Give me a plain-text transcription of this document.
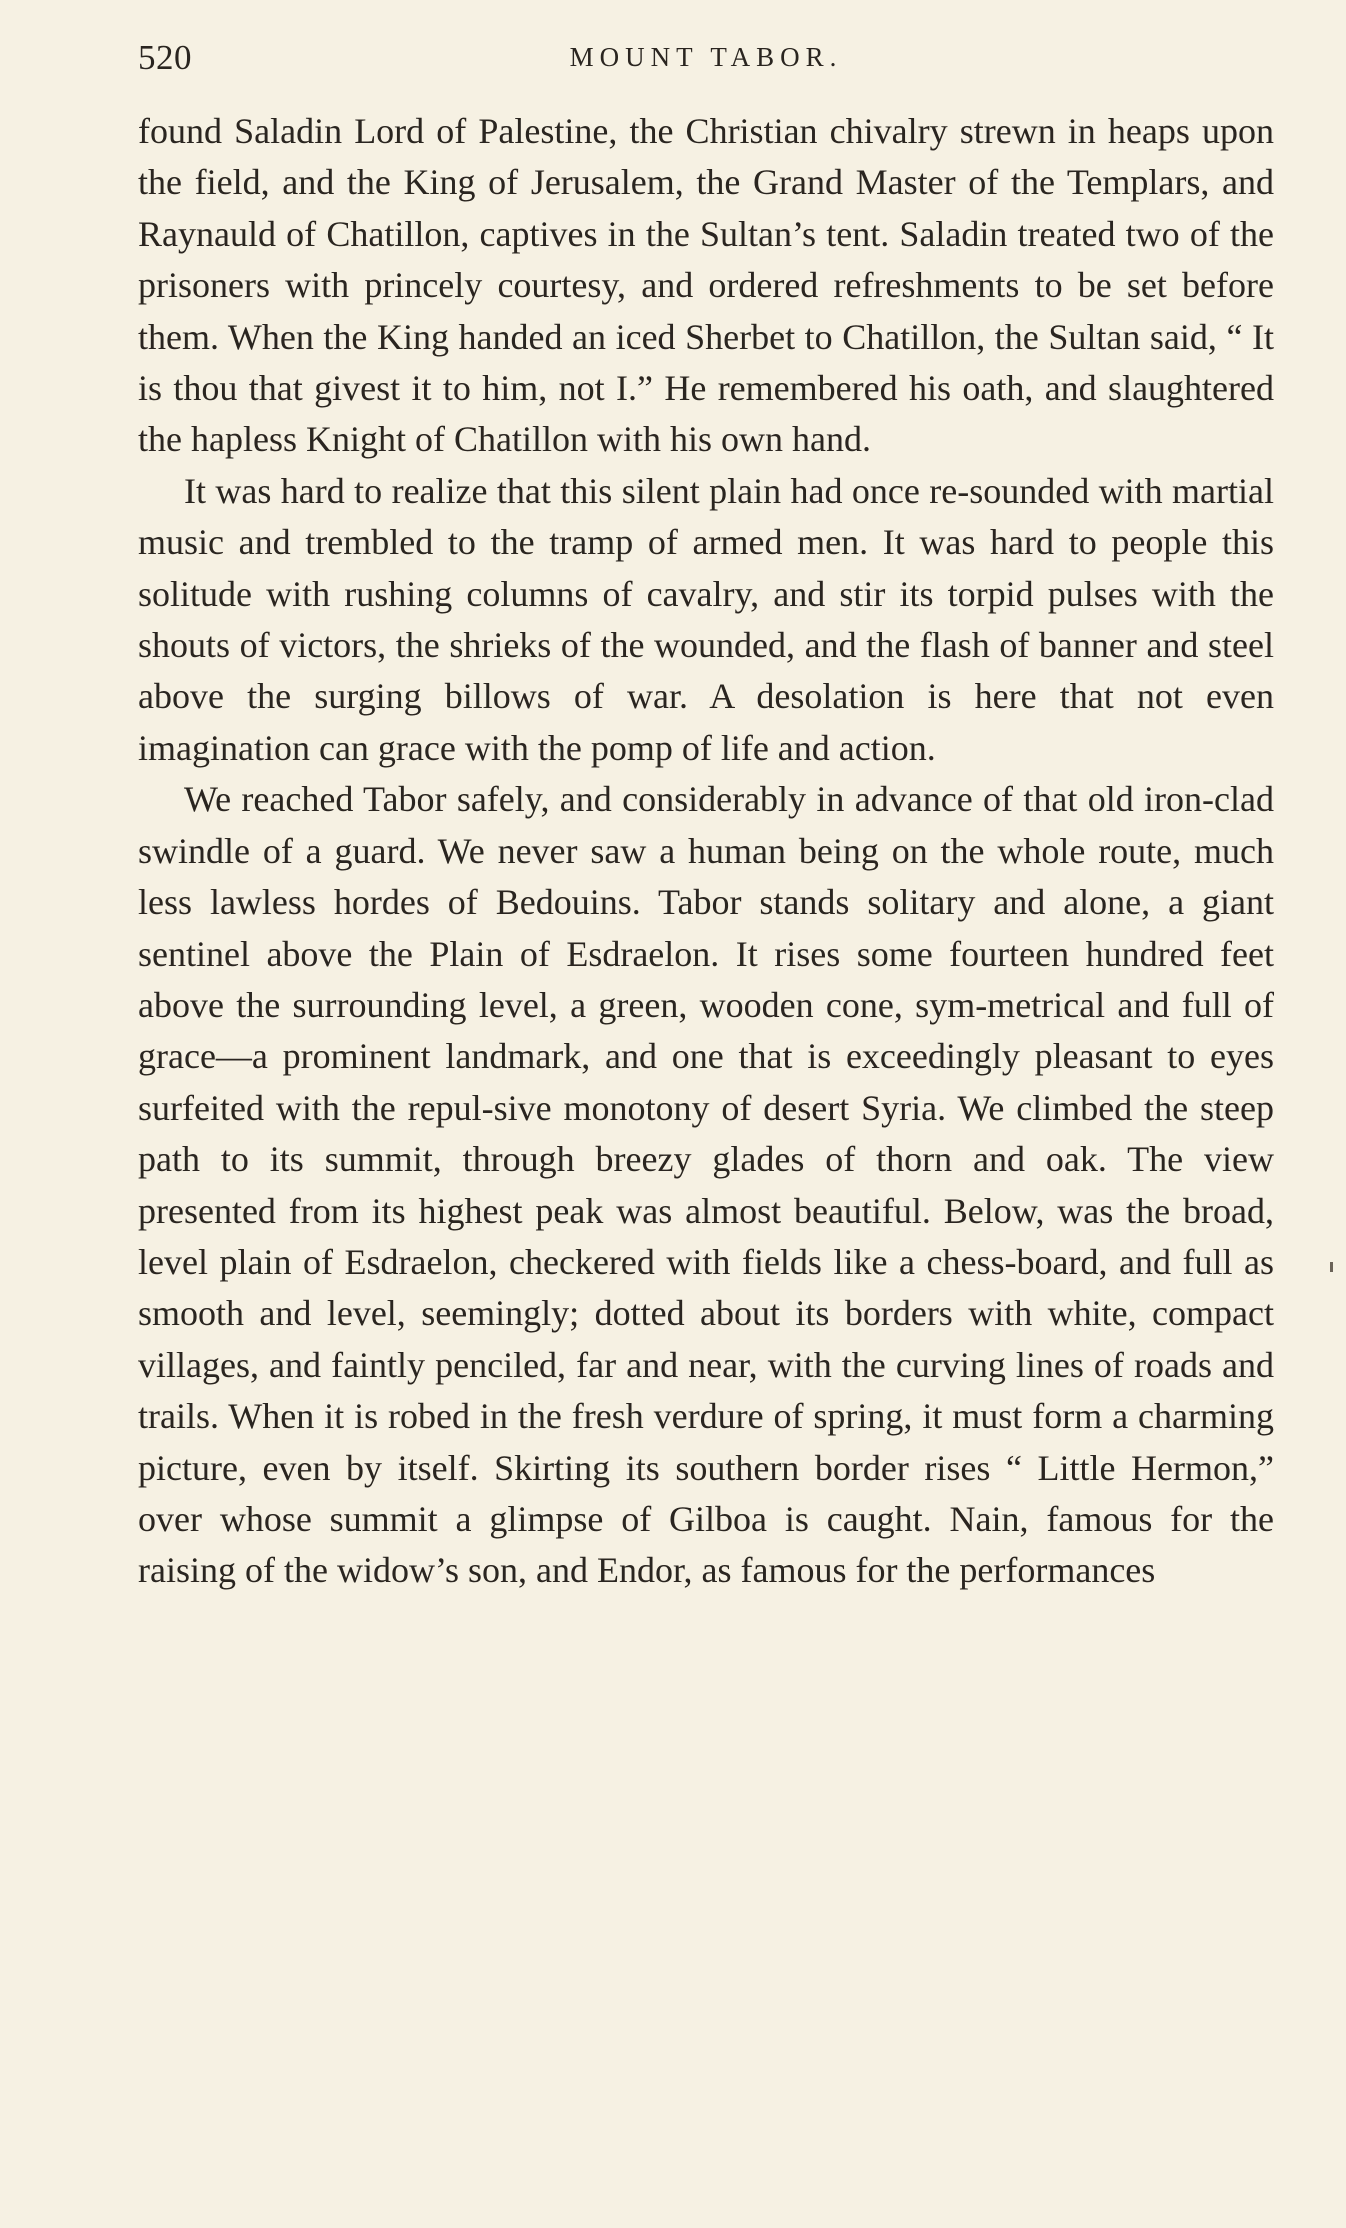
520	MOUNT TABOR.

found Saladin Lord of Palestine, the Christian chivalry strewn in heaps upon the field, and the King of Jerusalem, the Grand Master of the Templars, and Raynauld of Chatillon, captives in the Sultan’s tent. Saladin treated two of the prisoners with princely courtesy, and ordered refreshments to be set before them. When the King handed an iced Sherbet to Chatillon, the Sultan said, “ It is thou that givest it to him, not I.” He remembered his oath, and slaughtered the hapless Knight of Chatillon with his own hand.

It was hard to realize that this silent plain had once re-sounded with martial music and trembled to the tramp of armed men. It was hard to people this solitude with rushing columns of cavalry, and stir its torpid pulses with the shouts of victors, the shrieks of the wounded, and the flash of banner and steel above the surging billows of war. A desolation is here that not even imagination can grace with the pomp of life and action.

We reached Tabor safely, and considerably in advance of that old iron-clad swindle of a guard. We never saw a human being on the whole route, much less lawless hordes of Bedouins. Tabor stands solitary and alone, a giant sentinel above the Plain of Esdraelon. It rises some fourteen hundred feet above the surrounding level, a green, wooden cone, sym-metrical and full of grace—a prominent landmark, and one that is exceedingly pleasant to eyes surfeited with the repul-sive monotony of desert Syria. We climbed the steep path to its summit, through breezy glades of thorn and oak. The view presented from its highest peak was almost beautiful. Below, was the broad, level plain of Esdraelon, checkered with fields like a chess-board, and full as smooth and level, seemingly; dotted about its borders with white, compact villages, and faintly penciled, far and near, with the curving lines of roads and trails. When it is robed in the fresh verdure of spring, it must form a charming picture, even by itself. Skirting its southern border rises “ Little Hermon,” over whose summit a glimpse of Gilboa is caught. Nain, famous for the raising of the widow’s son, and Endor, as famous for the performances
